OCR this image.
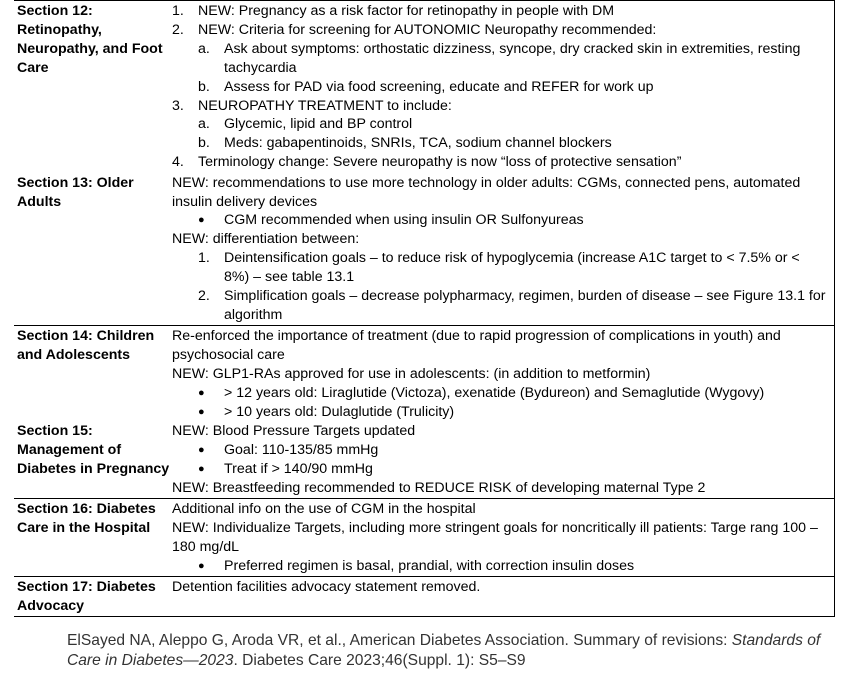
Section 12: Retinopathy, Neuropathy, and Foot Care
1. NEW: Pregnancy as a risk factor for retinopathy in people with DM
2. NEW: Criteria for screening for AUTONOMIC Neuropathy recommended:
a. Ask about symptoms: orthostatic dizziness, syncope, dry cracked skin in extremities, resting tachycardia
b. Assess for PAD via food screening, educate and REFER for work up
3. NEUROPATHY TREATMENT to include:
a. Glycemic, lipid and BP control
b. Meds: gabapentinoids, SNRIs, TCA, sodium channel blockers
4. Terminology change: Severe neuropathy is now “loss of protective sensation”
Section 13: Older Adults
NEW: recommendations to use more technology in older adults: CGMs, connected pens, automated insulin delivery devices
●	CGM recommended when using insulin OR Sulfonyureas
NEW: differentiation between:
1. Deintensification goals – to reduce risk of hypoglycemia (increase A1C target to < 7.5% or < 8%) – see table 13.1
2. Simplification goals – decrease polypharmacy, regimen, burden of disease – see Figure 13.1 for algorithm
Section 14: Children and Adolescents
Re-enforced the importance of treatment (due to rapid progression of complications in youth) and psychosocial care
NEW: GLP1-RAs approved for use in adolescents: (in addition to metformin)
●	> 12 years old: Liraglutide (Victoza), exenatide (Bydureon) and Semaglutide (Wygovy)
●	> 10 years old: Dulaglutide (Trulicity)
Section 15: Management of Diabetes in Pregnancy
NEW: Blood Pressure Targets updated
●	Goal: 110-135/85 mmHg
●	Treat if > 140/90 mmHg
NEW: Breastfeeding recommended to REDUCE RISK of developing maternal Type 2
Section 16: Diabetes Care in the Hospital
Additional info on the use of CGM in the hospital
NEW: Individualize Targets, including more stringent goals for noncritically ill patients: Targe rang 100 – 180 mg/dL
●	Preferred regimen is basal, prandial, with correction insulin doses
Section 17: Diabetes Advocacy
Detention facilities advocacy statement removed.
ElSayed NA, Aleppo G, Aroda VR, et al., American Diabetes Association. Summary of revisions: Standards of Care in Diabetes—2023. Diabetes Care 2023;46(Suppl. 1): S5–S9
